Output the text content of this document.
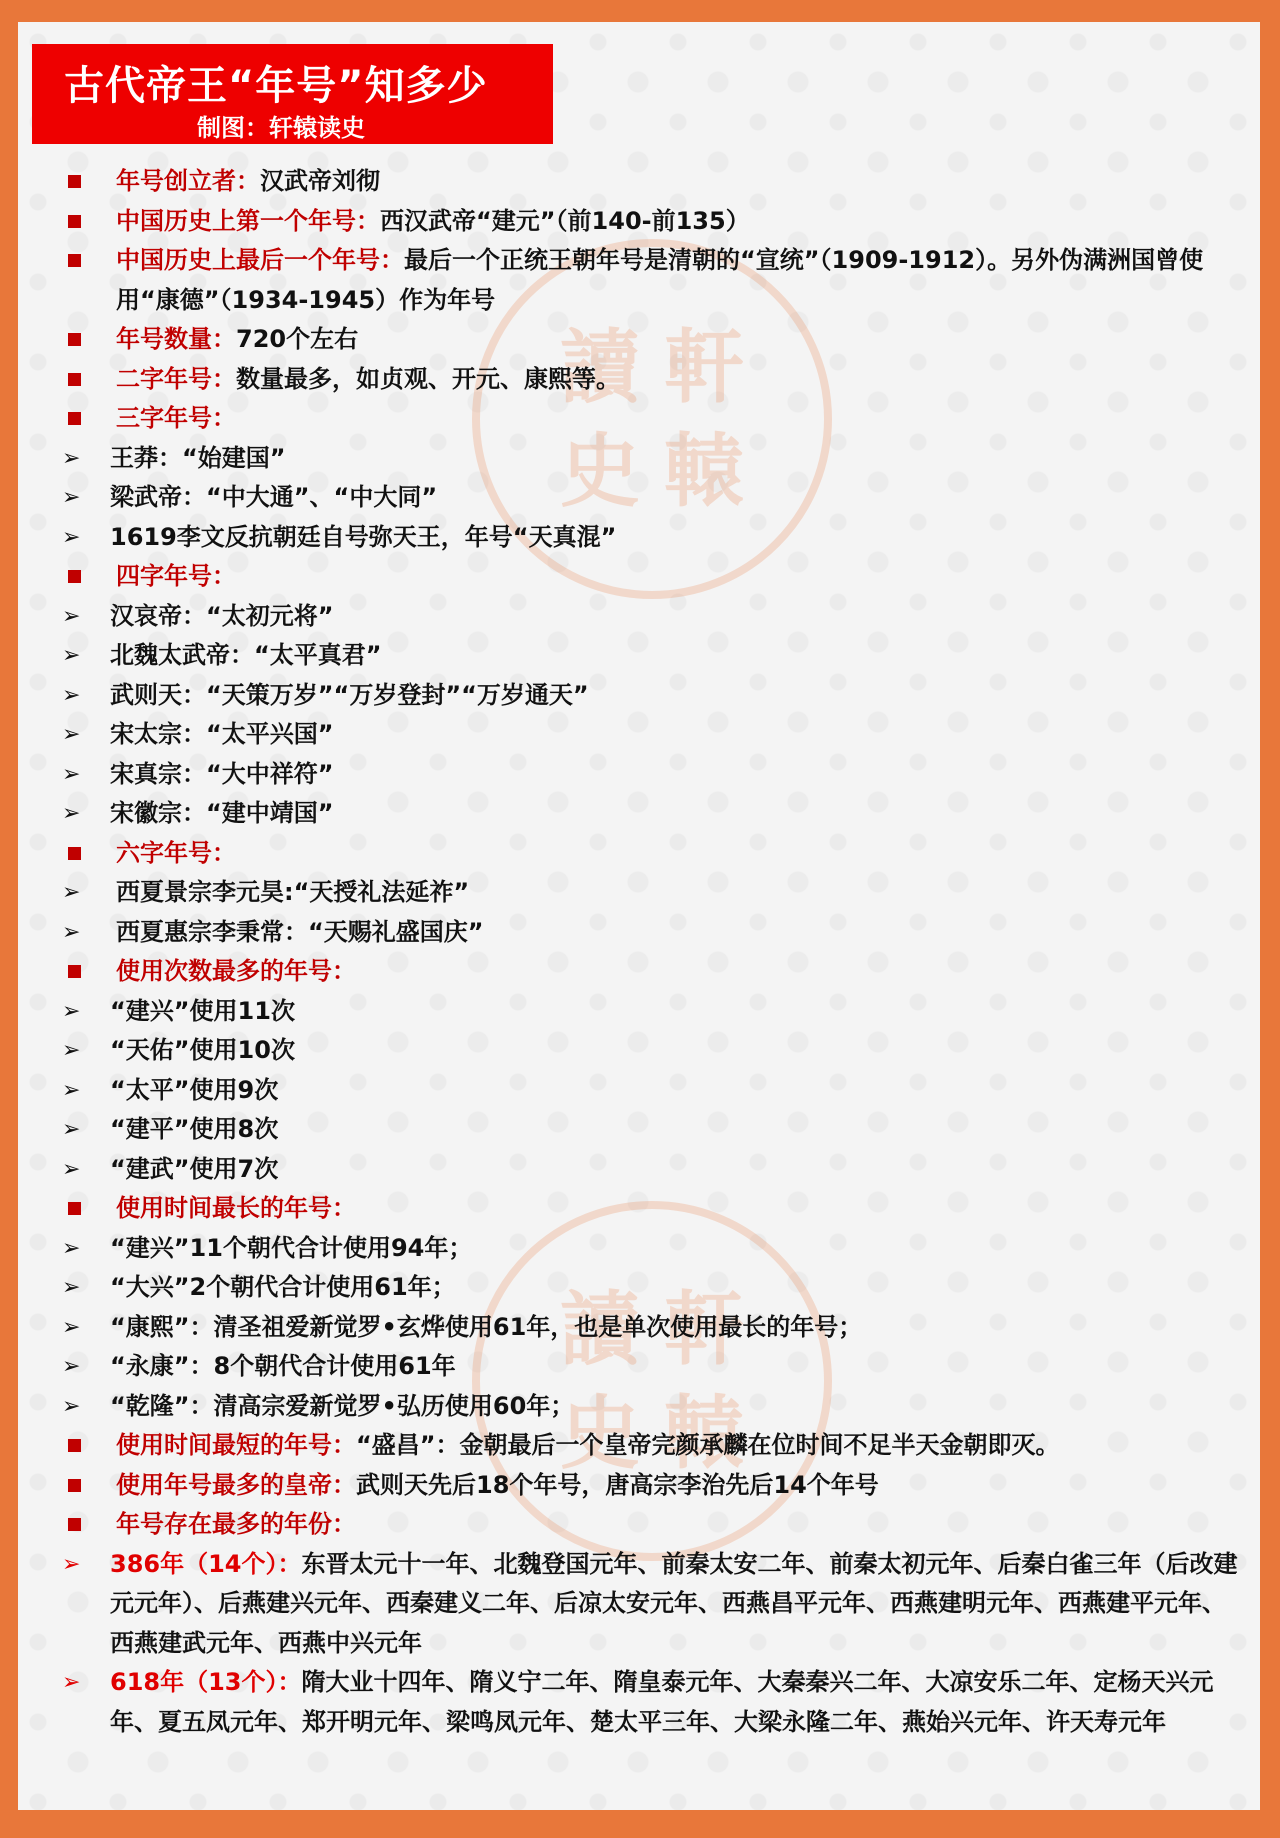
讀 軒
史 轅
讀 軒
史 轅
古代帝王“年号”知多少
制图：轩辕读史
年号创立者：汉武帝刘彻
中国历史上第一个年号：西汉武帝“建元”（前140-前135）
中国历史上最后一个年号：最后一个正统王朝年号是清朝的“宣统”（1909-1912）。另外伪满洲国曾使用“康德”（1934-1945）作为年号
年号数量：720个左右
二字年号：数量最多，如贞观、开元、康熙等。
三字年号：
➢	王莽：“始建国”
➢	梁武帝：“中大通”、“中大同”
➢	1619李文反抗朝廷自号弥天王，年号“天真混”
四字年号：
➢	汉哀帝：“太初元将”
➢	北魏太武帝：“太平真君”
➢	武则天：“天策万岁”“万岁登封”“万岁通天”
➢	宋太宗：“太平兴国”
➢	宋真宗：“大中祥符”
➢	宋徽宗：“建中靖国”
六字年号：
➢	西夏景宗李元昊:“天授礼法延祚”
➢	西夏惠宗李秉常：“天赐礼盛国庆”
使用次数最多的年号：
➢	“建兴”使用11次
➢	“天佑”使用10次
➢	“太平”使用9次
➢	“建平”使用8次
➢	“建武”使用7次
使用时间最长的年号：
➢	“建兴”11个朝代合计使用94年；
➢	“大兴”2个朝代合计使用61年；
➢	“康熙”：清圣祖爱新觉罗•玄烨使用61年，也是单次使用最长的年号；
➢	“永康”：8个朝代合计使用61年
➢	“乾隆”：清高宗爱新觉罗•弘历使用60年；
使用时间最短的年号：“盛昌”：金朝最后一个皇帝完颜承麟在位时间不足半天金朝即灭。
使用年号最多的皇帝：武则天先后18个年号，唐高宗李治先后14个年号
年号存在最多的年份：
➢	386年（14个）：东晋太元十一年、北魏登国元年、前秦太安二年、前秦太初元年、后秦白雀三年（后改建元元年）、后燕建兴元年、西秦建义二年、后凉太安元年、西燕昌平元年、西燕建明元年、西燕建平元年、西燕建武元年、西燕中兴元年
➢	618年（13个）：隋大业十四年、隋义宁二年、隋皇泰元年、大秦秦兴二年、大凉安乐二年、定杨天兴元年、夏五凤元年、郑开明元年、梁鸣凤元年、楚太平三年、大梁永隆二年、燕始兴元年、许天寿元年
